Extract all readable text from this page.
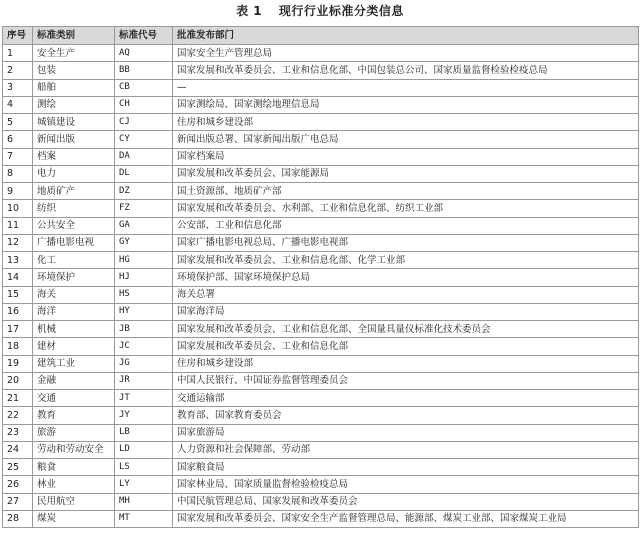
表 1 现行行业标准分类信息
序号	标准类别	标准代号	批准发布部门
1	安全生产	AQ	国家安全生产管理总局
2	包装	BB	国家发展和改革委员会、工业和信息化部、中国包装总公司、国家质量监督检验检疫总局
3	船舶	CB	—
4	测绘	CH	国家测绘局、国家测绘地理信息局
5	城镇建设	CJ	住房和城乡建设部
6	新闻出版	CY	新闻出版总署、国家新闻出版广电总局
7	档案	DA	国家档案局
8	电力	DL	国家发展和改革委员会、国家能源局
9	地质矿产	DZ	国土资源部、地质矿产部
10	纺织	FZ	国家发展和改革委员会、水利部、工业和信息化部、纺织工业部
11	公共安全	GA	公安部、工业和信息化部
12	广播电影电视	GY	国家广播电影电视总局、广播电影电视部
13	化工	HG	国家发展和改革委员会、工业和信息化部、化学工业部
14	环境保护	HJ	环境保护部、国家环境保护总局
15	海关	HS	海关总署
16	海洋	HY	国家海洋局
17	机械	JB	国家发展和改革委员会、工业和信息化部、全国量具量仪标准化技术委员会
18	建材	JC	国家发展和改革委员会、工业和信息化部
19	建筑工业	JG	住房和城乡建设部
20	金融	JR	中国人民银行、中国证券监督管理委员会
21	交通	JT	交通运输部
22	教育	JY	教育部、国家教育委员会
23	旅游	LB	国家旅游局
24	劳动和劳动安全	LD	人力资源和社会保障部、劳动部
25	粮食	LS	国家粮食局
26	林业	LY	国家林业局、国家质量监督检验检疫总局
27	民用航空	MH	中国民航管理总局、国家发展和改革委员会
28	煤炭	MT	国家发展和改革委员会、国家安全生产监督管理总局、能源部、煤炭工业部、国家煤炭工业局
